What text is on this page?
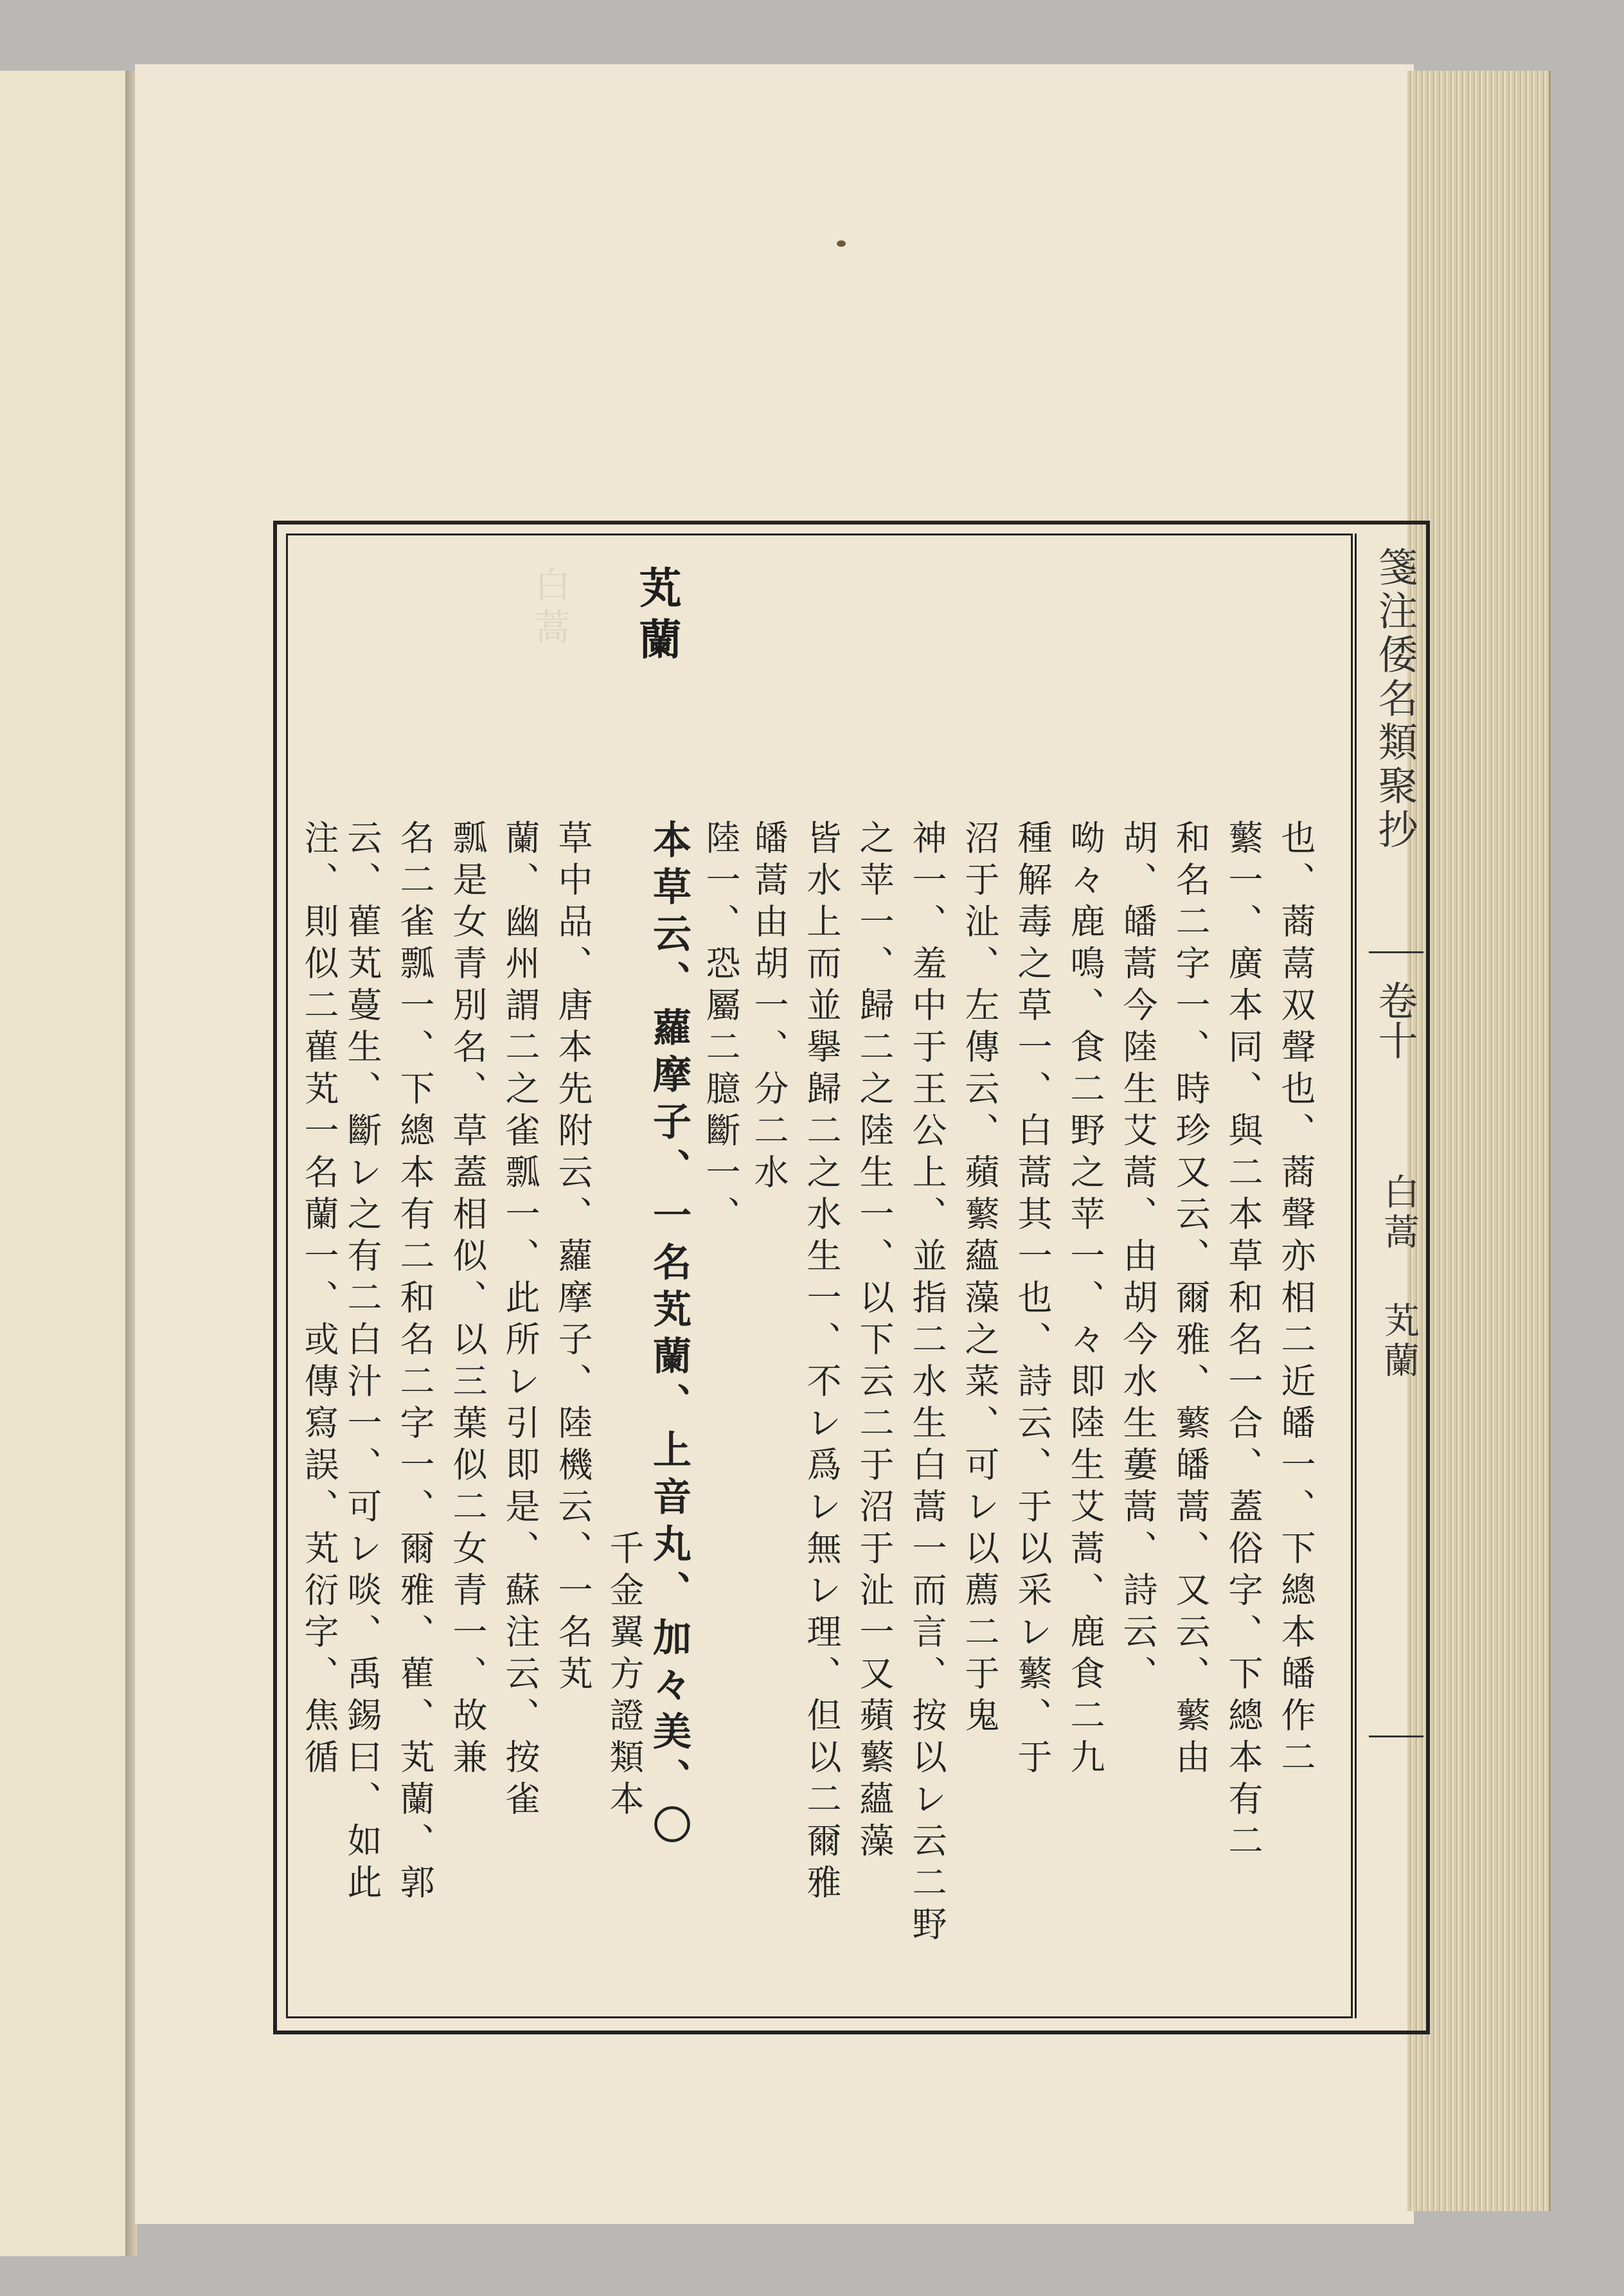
白蒿 芄蘭
也、蔏蒚双聲也、蔏聲亦相二近皤一、下總本皤作二
蘩一、廣本同、與二本草和名一合、蓋俗字、下總本有二
和名二字一、時珍又云、爾雅、蘩皤蒿、又云、蘩由
胡、皤蒿今陸生艾蒿、由胡今水生蔞蒿、詩云、
呦々鹿鳴、食二野之苹一、々即陸生艾蒿、鹿食二九
種解毒之草一、白蒿其一也、詩云、于以采レ蘩、于
沼于沚、左傳云、蘋蘩蘊藻之菜、可レ以薦二于鬼
神一、羞中于王公上、並指二水生白蒿一而言、按以レ云二野
之苹一、歸二之陸生一、以下云二于沼于沚一又蘋蘩蘊藻
皆水上而並擧歸二之水生一、不レ爲レ無レ理、但以二爾雅
皤蒿由胡一、分二水
陸一、恐屬二臆斷一、
本草云、蘿摩子、一名芄蘭、上音丸、加々美、〇
千金翼方證類本
草中品、唐本先附云、蘿摩子、陸機云、一名芄
蘭、幽州謂二之雀瓢一、此所レ引即是、蘇注云、按雀
瓢是女青別名、草蓋相似、以三葉似二女青一、故兼
名二雀瓢一、下總本有二和名二字一、爾雅、雚、芄蘭、郭
云、雚芄蔓生、斷レ之有二白汁一、可レ啖、禹錫曰、如此
注、則似二雚芄一名蘭一、或傳寫誤、芄衍字、焦循
箋注倭名類聚抄
卷十
白蒿
芄蘭
